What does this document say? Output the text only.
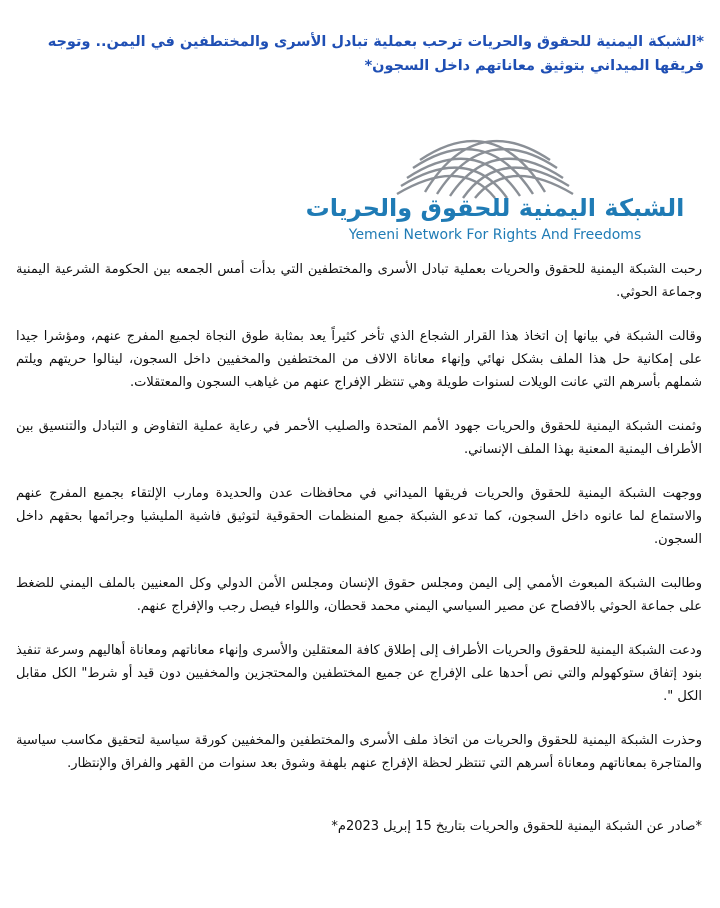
*الشبكة اليمنية للحقوق والحريات ترحب بعملية تبادل الأسرى والمختطفين في اليمن.. وتوجه فريقها الميداني بتوثيق معاناتهم داخل السجون*

الشبكة اليمنية للحقوق والحريات
Yemeni Network For Rights And Freedoms

رحبت الشبكة اليمنية للحقوق والحريات بعملية تبادل الأسرى والمختطفين التي بدأت أمس الجمعه بين الحكومة الشرعية اليمنية وجماعة الحوثي.

وقالت الشبكة في بيانها إن اتخاذ هذا القرار الشجاع الذي تأخر كثيراً يعد بمثابة طوق النجاة لجميع المفرج عنهم، ومؤشرا جيدا على إمكانية حل هذا الملف بشكل نهائي وإنهاء معاناة الالاف من المختطفين والمخفيين داخل السجون، لينالوا حريتهم ويلتم شملهم بأسرهم التي عانت الويلات لسنوات طويلة وهي تنتظر الإفراج عنهم من غياهب السجون والمعتقلات.

وثمنت الشبكة اليمنية للحقوق والحريات جهود الأمم المتحدة والصليب الأحمر في رعاية عملية التفاوض و التبادل والتنسيق بين الأطراف اليمنية المعنية بهذا الملف الإنساني.

ووجهت الشبكة اليمنية للحقوق والحريات فريقها الميداني في محافظات عدن والحديدة ومارب الإلتقاء بجميع المفرج عنهم والاستماع لما عانوه داخل السجون، كما تدعو الشبكة جميع المنظمات الحقوقية لتوثيق فاشية المليشيا وجرائمها بحقهم داخل السجون.

وطالبت الشبكة المبعوث الأممي إلى اليمن ومجلس حقوق الإنسان ومجلس الأمن الدولي وكل المعنيين بالملف اليمني للضغط على جماعة الحوثي بالافصاح عن مصير السياسي اليمني محمد قحطان، واللواء فيصل رجب والإفراج عنهم.

ودعت الشبكة اليمنية للحقوق والحريات الأطراف إلى إطلاق كافة المعتقلين والأسرى وإنهاء معاناتهم ومعاناة أهاليهم وسرعة تنفيذ بنود إتفاق ستوكهولم والتي نص أحدها على الإفراج عن جميع المختطفين والمحتجزين والمخفيين دون قيد أو شرط" الكل مقابل الكل ".

وحذرت الشبكة اليمنية للحقوق والحريات من اتخاذ ملف الأسرى والمختطفين والمخفيين كورقة سياسية لتحقيق مكاسب سياسية والمتاجرة بمعاناتهم ومعاناة أسرهم التي تنتظر لحظة الإفراج عنهم بلهفة وشوق بعد سنوات من القهر والفراق والإنتظار.

*صادر عن الشبكة اليمنية للحقوق والحريات بتاريخ 15 إبريل 2023م*
